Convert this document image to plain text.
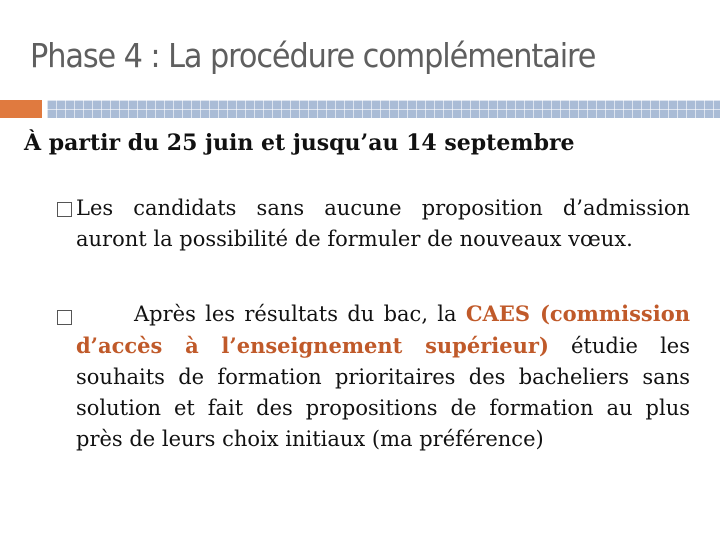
Phase 4 : La procédure complémentaire
À partir du 25 juin et jusqu’au 14 septembre
Les candidats sans aucune proposition d’admission auront la possibilité de formuler de nouveaux vœux.
Après les résultats du bac, la CAES (commission d’accès à l’enseignement supérieur) étudie les souhaits de formation prioritaires des bacheliers sans solution et fait des propositions de formation au plus près de leurs choix initiaux (ma préférence)
